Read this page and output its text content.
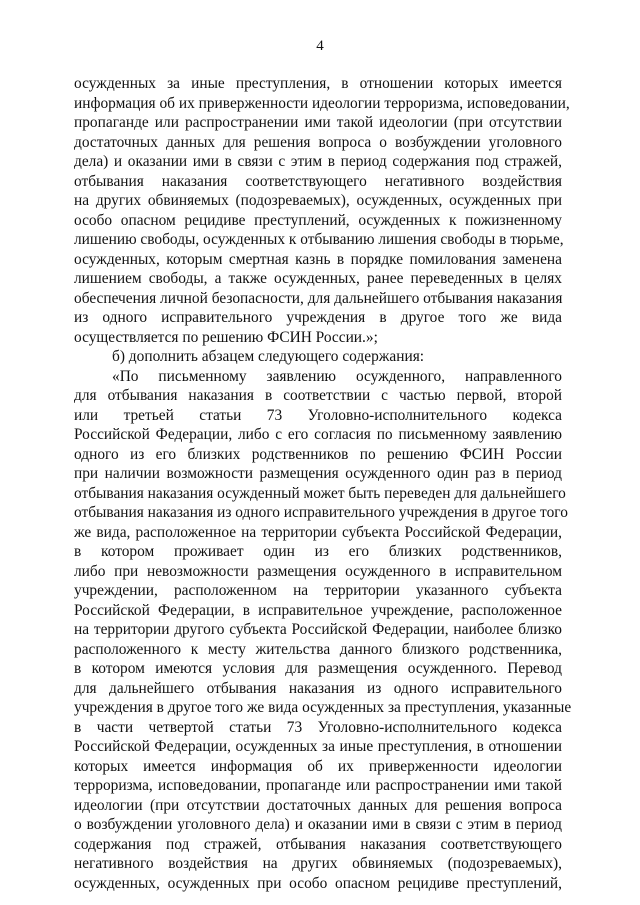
4
осужденных за иные преступления, в отношении которых имеется
информация об их приверженности идеологии терроризма, исповедовании,
пропаганде или распространении ими такой идеологии (при отсутствии
достаточных данных для решения вопроса о возбуждении уголовного
дела) и оказании ими в связи с этим в период содержания под стражей,
отбывания наказания соответствующего негативного воздействия
на других обвиняемых (подозреваемых), осужденных, осужденных при
особо опасном рецидиве преступлений, осужденных к пожизненному
лишению свободы, осужденных к отбыванию лишения свободы в тюрьме,
осужденных, которым смертная казнь в порядке помилования заменена
лишением свободы, а также осужденных, ранее переведенных в целях
обеспечения личной безопасности, для дальнейшего отбывания наказания
из одного исправительного учреждения в другое того же вида
осуществляется по решению ФСИН России.»;
б) дополнить абзацем следующего содержания:
«По письменному заявлению осужденного, направленного
для отбывания наказания в соответствии с частью первой, второй
или третьей статьи 73 Уголовно-исполнительного кодекса
Российской Федерации, либо с его согласия по письменному заявлению
одного из его близких родственников по решению ФСИН России
при наличии возможности размещения осужденного один раз в период
отбывания наказания осужденный может быть переведен для дальнейшего
отбывания наказания из одного исправительного учреждения в другое того
же вида, расположенное на территории субъекта Российской Федерации,
в котором проживает один из его близких родственников,
либо при невозможности размещения осужденного в исправительном
учреждении, расположенном на территории указанного субъекта
Российской Федерации, в исправительное учреждение, расположенное
на территории другого субъекта Российской Федерации, наиболее близко
расположенного к месту жительства данного близкого родственника,
в котором имеются условия для размещения осужденного. Перевод
для дальнейшего отбывания наказания из одного исправительного
учреждения в другое того же вида осужденных за преступления, указанные
в части четвертой статьи 73 Уголовно-исполнительного кодекса
Российской Федерации, осужденных за иные преступления, в отношении
которых имеется информация об их приверженности идеологии
терроризма, исповедовании, пропаганде или распространении ими такой
идеологии (при отсутствии достаточных данных для решения вопроса
о возбуждении уголовного дела) и оказании ими в связи с этим в период
содержания под стражей, отбывания наказания соответствующего
негативного воздействия на других обвиняемых (подозреваемых),
осужденных, осужденных при особо опасном рецидиве преступлений,
